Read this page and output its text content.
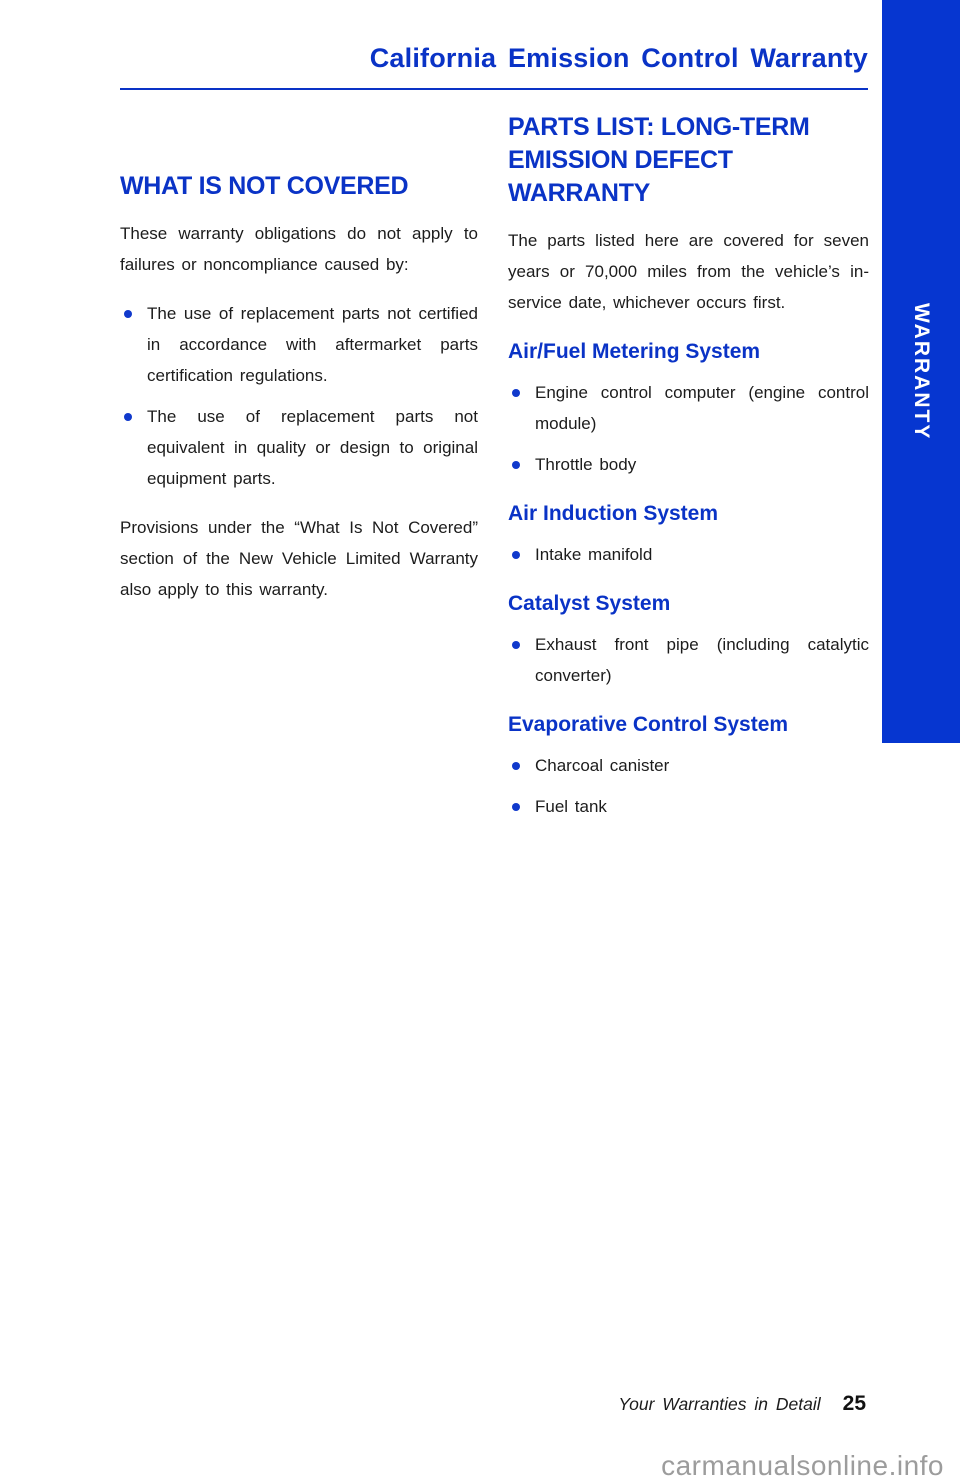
California Emission Control Warranty
WARRANTY
WHAT IS NOT COVERED

These warranty obligations do not apply to failures or noncompliance caused by:

The use of replacement parts not certified in accordance with aftermarket parts certification regulations.
The use of replacement parts not equivalent in quality or design to original equipment parts.

Provisions under the “What Is Not Covered” section of the New Vehicle Limited Warranty also apply to this warranty.

PARTS LIST: LONG-TERM EMISSION DEFECT WARRANTY

The parts listed here are covered for seven years or 70,000 miles from the vehicle’s in-service date, whichever occurs first.

Air/Fuel Metering System
Engine control computer (engine control module)
Throttle body
Air Induction System
Intake manifold
Catalyst System
Exhaust front pipe (including catalytic converter)
Evaporative Control System
Charcoal canister
Fuel tank
Your Warranties in Detail 25
carmanualsonline.info
